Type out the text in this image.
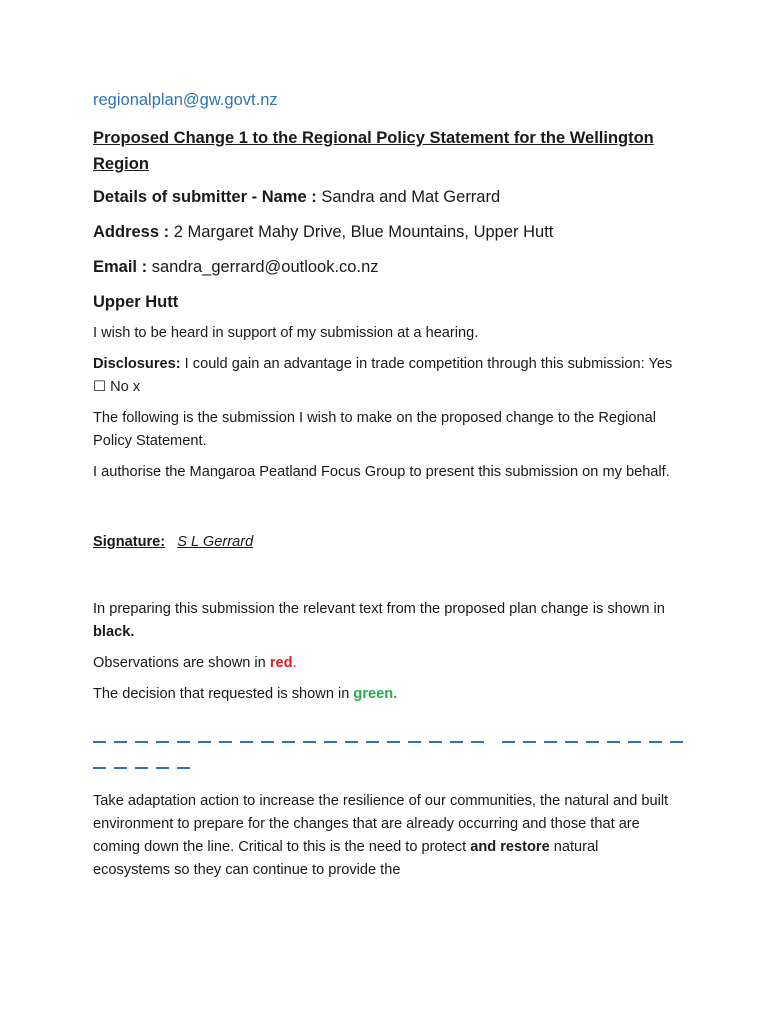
regionalplan@gw.govt.nz

Proposed Change 1 to the Regional Policy Statement for the Wellington Region

Details of submitter - Name : Sandra and Mat Gerrard

Address : 2 Margaret Mahy Drive, Blue Mountains, Upper Hutt

Email : sandra_gerrard@outlook.co.nz

Upper Hutt

I wish to be heard in support of my submission at a hearing.

Disclosures: I could gain an advantage in trade competition through this submission: Yes ☐ No x

The following is the submission I wish to make on the proposed change to the Regional Policy Statement.

I authorise the Mangaroa Peatland Focus Group to present this submission on my behalf.

Signature: S L Gerrard

In preparing this submission the relevant text from the proposed plan change is shown in black.

Observations are shown in red.

The decision that requested is shown in green.

Take adaptation action to increase the resilience of our communities, the natural and built environment to prepare for the changes that are already occurring and those that are coming down the line. Critical to this is the need to protect and restore natural ecosystems so they can continue to provide the
